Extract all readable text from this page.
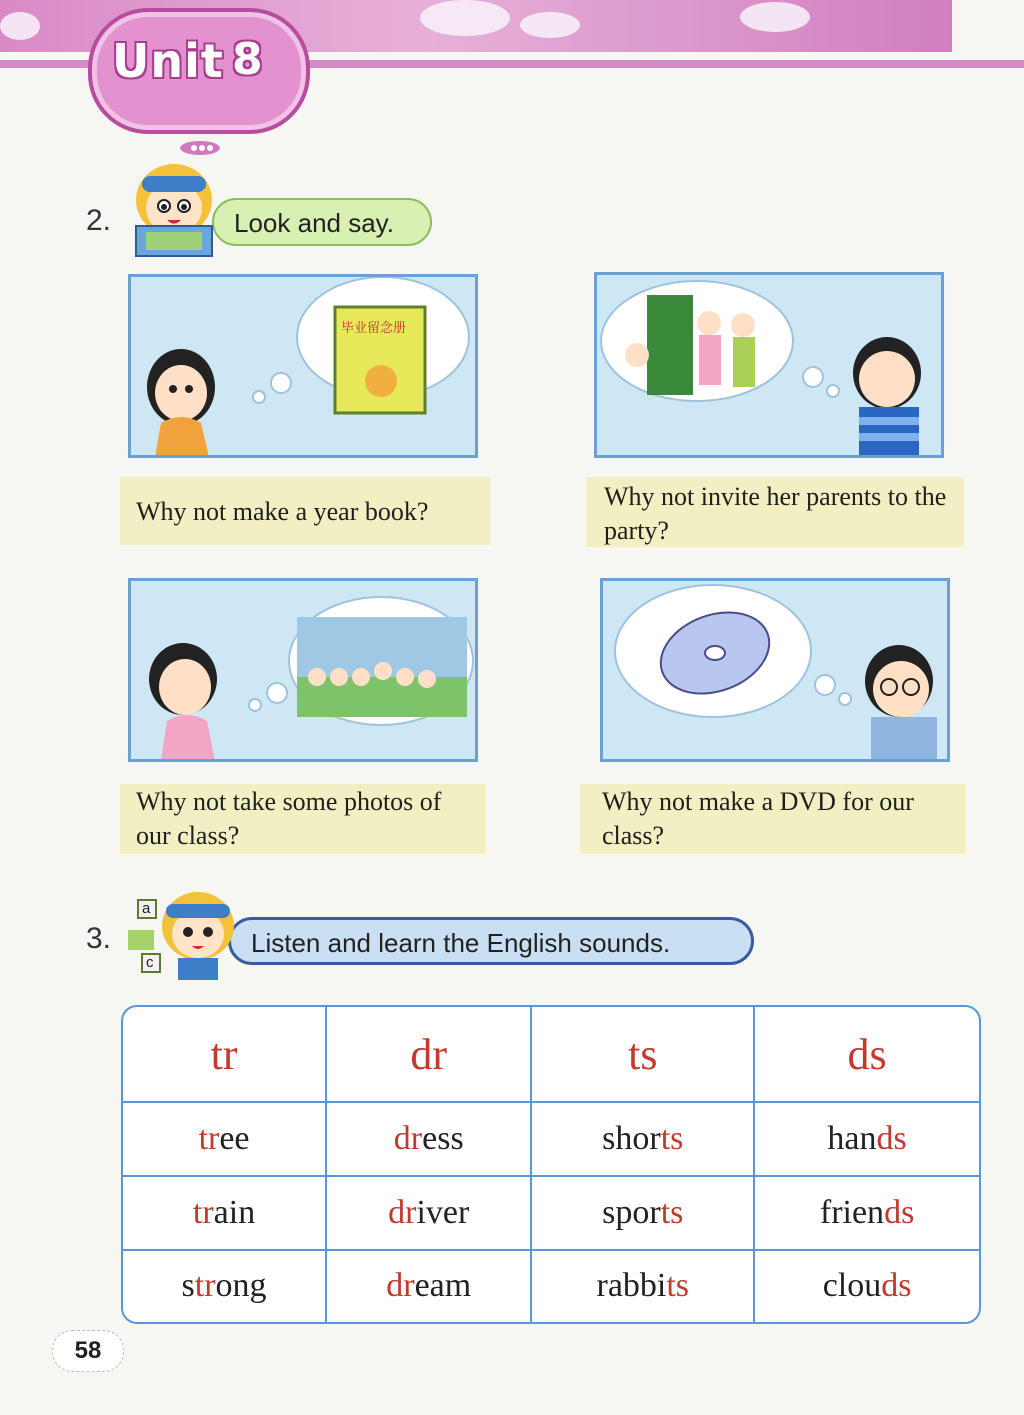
Unit 8
2.	Look and say.
毕业留念册
Why not make a year book?
Why not invite her parents to the party?
Why not take some photos of our class?
Why not make a DVD for our class?
3.	Listen and learn the English sounds.
a
c
tr	dr	ts	ds
tree	dress	shorts	hands
train	driver	sports	friends
strong	dream	rabbits	clouds
58
